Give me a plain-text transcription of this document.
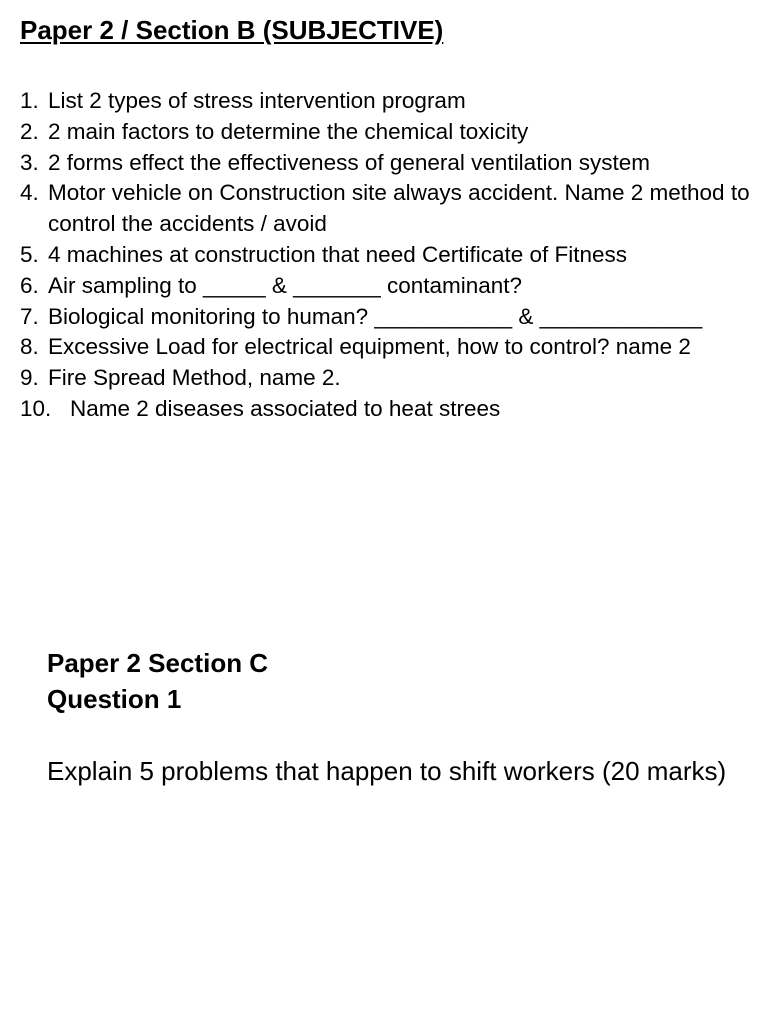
Paper 2 / Section B (SUBJECTIVE)
1. List 2 types of stress intervention program
2. 2 main factors to determine the chemical toxicity
3. 2 forms effect the effectiveness of general ventilation system
4. Motor vehicle on Construction site always accident. Name 2 method to control the accidents / avoid
5. 4 machines at construction that need Certificate of Fitness
6. Air sampling to _____ & _______ contaminant?
7. Biological monitoring to human? ___________ & _____________
8. Excessive Load for electrical equipment, how to control? name 2
9. Fire Spread Method, name 2.
10. Name 2 diseases associated to heat strees
Paper 2 Section C
Question 1

Explain 5 problems that happen to shift workers (20 marks)
